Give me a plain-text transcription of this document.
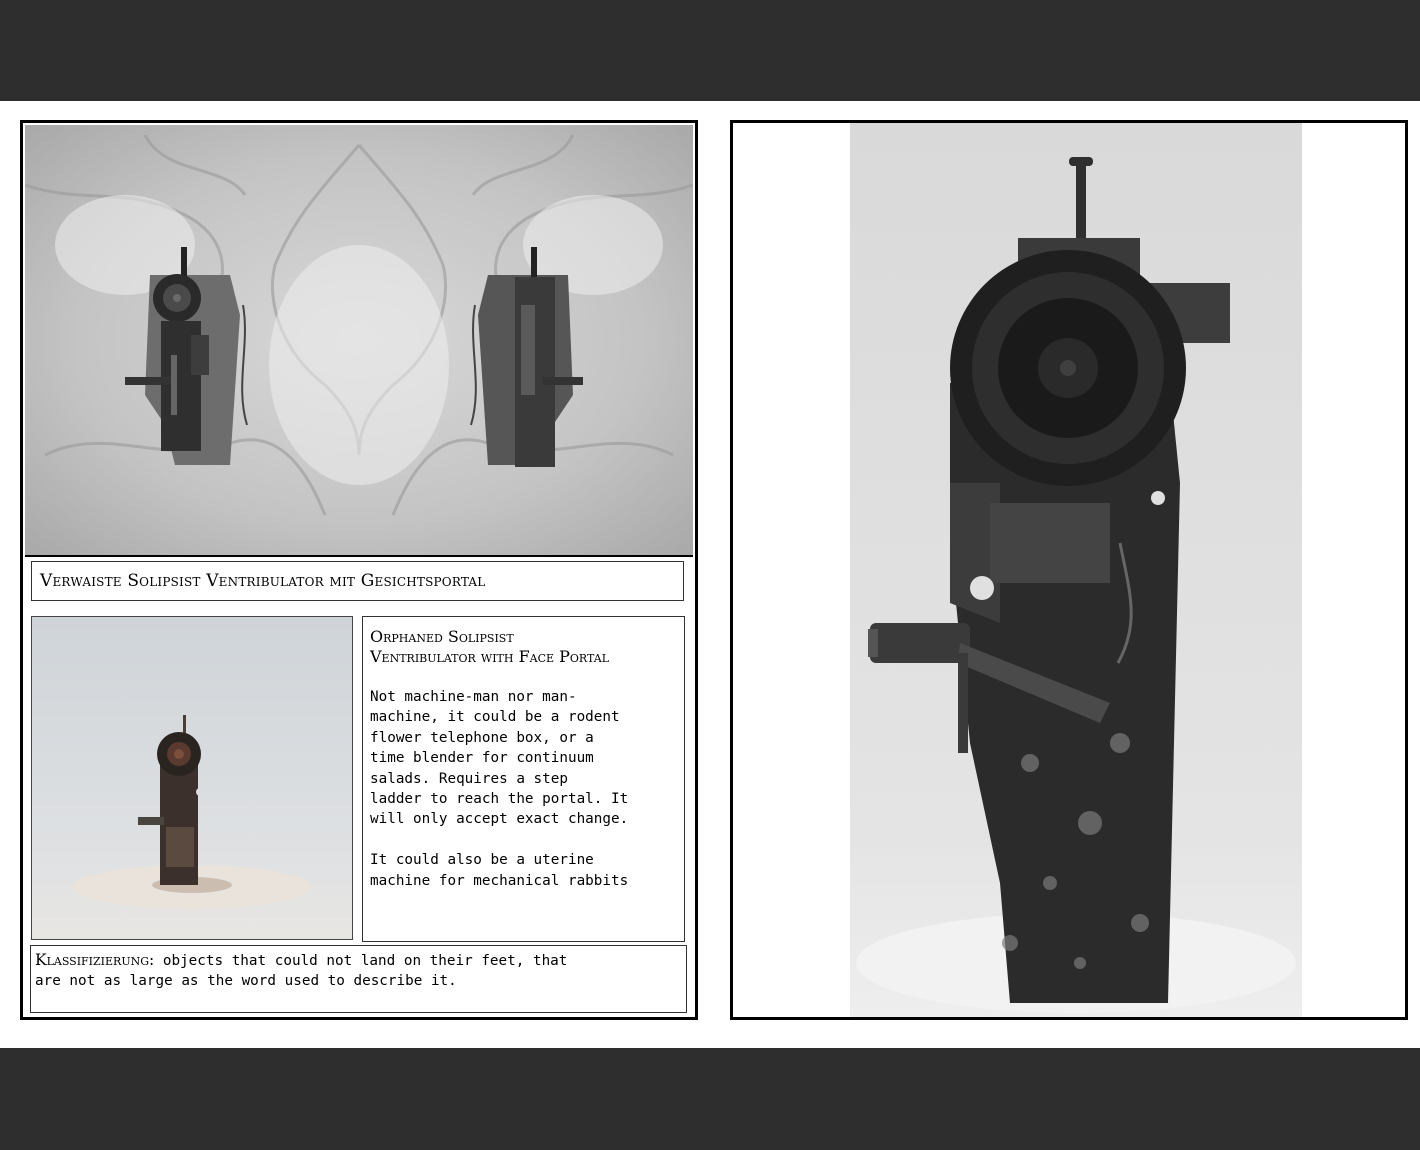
Verwaiste Solipsist Ventribulator mit Gesichtsportal
Orphaned Solipsist
Ventribulator with Face Portal
Not machine-man nor man-
machine, it could be a rodent
flower telephone box, or a
time blender for continuum
salads. Requires a step
ladder to reach the portal. It
will only accept exact change.

It could also be a uterine
machine for mechanical rabbits
Klassifizierung: objects that could not land on their feet, that
are not as large as the word used to describe it.
